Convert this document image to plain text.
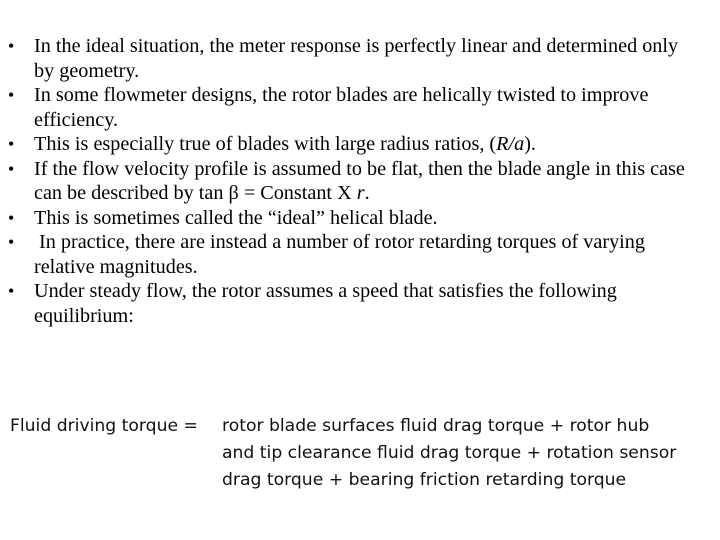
• In the ideal situation, the meter response is perfectly linear and determined only by geometry.
• In some flowmeter designs, the rotor blades are helically twisted to improve efficiency.
• This is especially true of blades with large radius ratios, (R/a).
• If the flow velocity profile is assumed to be flat, then the blade angle in this case can be described by tan β = Constant X r.
• This is sometimes called the “ideal” helical blade.
• In practice, there are instead a number of rotor retarding torques of varying relative magnitudes.
• Under steady flow, the rotor assumes a speed that satisfies the following equilibrium:
Fluid driving torque = rotor blade surfaces fluid drag torque + rotor hub
and tip clearance fluid drag torque + rotation sensor
drag torque + bearing friction retarding torque
